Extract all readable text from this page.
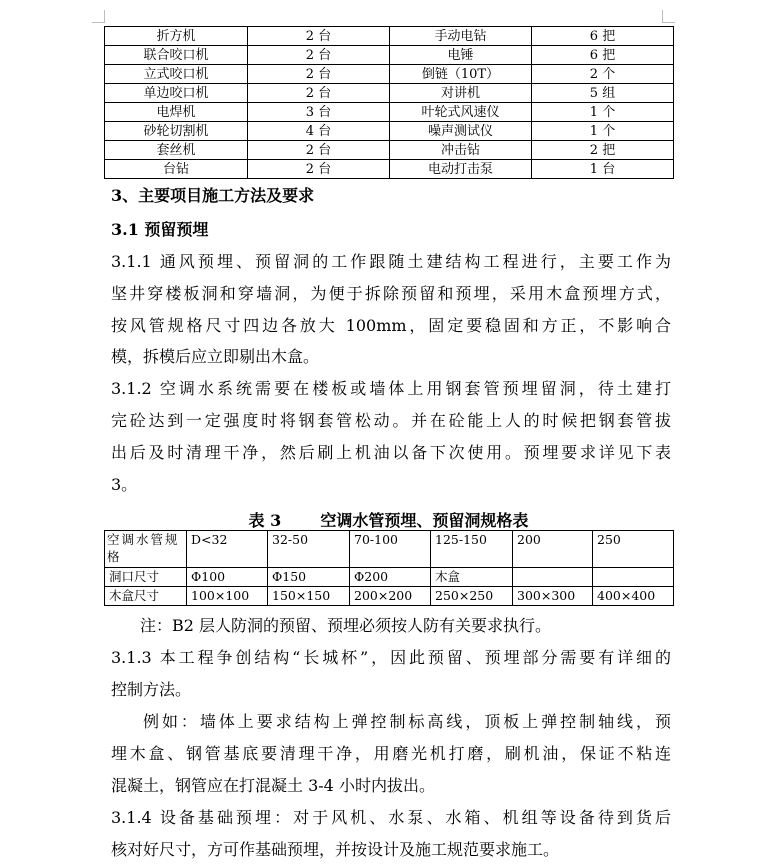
折方机	2 台	手动电钻	6 把
联合咬口机	2 台	电锤	6 把
立式咬口机	2 台	倒链（10T）	2 个
单边咬口机	2 台	对讲机	5 组
电焊机	3 台	叶轮式风速仪	1 个
砂轮切割机	4 台	噪声测试仪	1 个
套丝机	2 台	冲击钻	2 把
台钻	2 台	电动打击泵	1 台
3、主要项目施工方法及要求
3.1 预留预埋
3.1.1 通风预埋、预留洞的工作跟随土建结构工程进行，主要工作为
坚井穿楼板洞和穿墙洞，为便于拆除预留和预埋，采用木盒预埋方式，
按风管规格尺寸四边各放大 100mm，固定要稳固和方正，不影响合
模，拆模后应立即剔出木盒。
3.1.2 空调水系统需要在楼板或墙体上用钢套管预埋留洞，待土建打
完砼达到一定强度时将钢套管松动。并在砼能上人的时候把钢套管拔
出后及时清理干净，然后刷上机油以备下次使用。预埋要求详见下表
3。
表 3 空调水管预埋、预留洞规格表
空调水管规格	D<32	32-50	70-100	125-150	200	250
洞口尺寸	Φ100	Φ150	Φ200	木盒		
木盒尺寸	100×100	150×150	200×200	250×250	300×300	400×400
注：B2 层人防洞的预留、预埋必须按人防有关要求执行。
3.1.3 本工程争创结构“长城杯”，因此预留、预埋部分需要有详细的
控制方法。
例如：墙体上要求结构上弹控制标高线，顶板上弹控制轴线，预
埋木盒、钢管基底要清理干净，用磨光机打磨，刷机油，保证不粘连
混凝土，钢管应在打混凝土 3-4 小时内拔出。
3.1.4 设备基础预埋：对于风机、水泵、水箱、机组等设备待到货后
核对好尺寸，方可作基础预埋，并按设计及施工规范要求施工。
